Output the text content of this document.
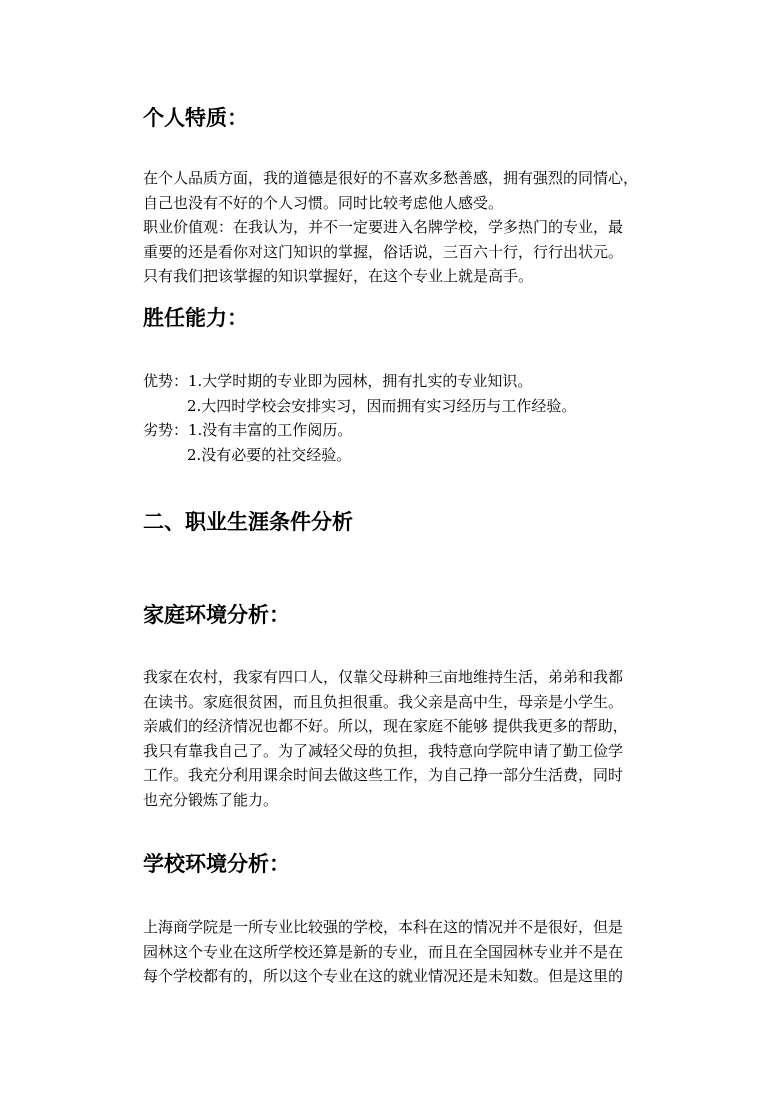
个人特质：
在个人品质方面，我的道德是很好的不喜欢多愁善感，拥有强烈的同情心，
自己也没有不好的个人习惯。同时比较考虑他人感受。
职业价值观：在我认为，并不一定要进入名牌学校，学多热门的专业，最
重要的还是看你对这门知识的掌握，俗话说，三百六十行，行行出状元。
只有我们把该掌握的知识掌握好，在这个专业上就是高手。
胜任能力：
优势：1.大学时期的专业即为园林，拥有扎实的专业知识。
2.大四时学校会安排实习，因而拥有实习经历与工作经验。
劣势：1.没有丰富的工作阅历。
2.没有必要的社交经验。
二、职业生涯条件分析
家庭环境分析：
我家在农村，我家有四口人，仅靠父母耕种三亩地维持生活，弟弟和我都
在读书。家庭很贫困，而且负担很重。我父亲是高中生，母亲是小学生。
亲戚们的经济情况也都不好。所以，现在家庭不能够 提供我更多的帮助，
我只有靠我自己了。为了减轻父母的负担，我特意向学院申请了勤工俭学
工作。我充分利用课余时间去做这些工作，为自己挣一部分生活费，同时
也充分锻炼了能力。
学校环境分析：
上海商学院是一所专业比较强的学校，本科在这的情况并不是很好，但是
园林这个专业在这所学校还算是新的专业，而且在全国园林专业并不是在
每个学校都有的，所以这个专业在这的就业情况还是未知数。但是这里的
